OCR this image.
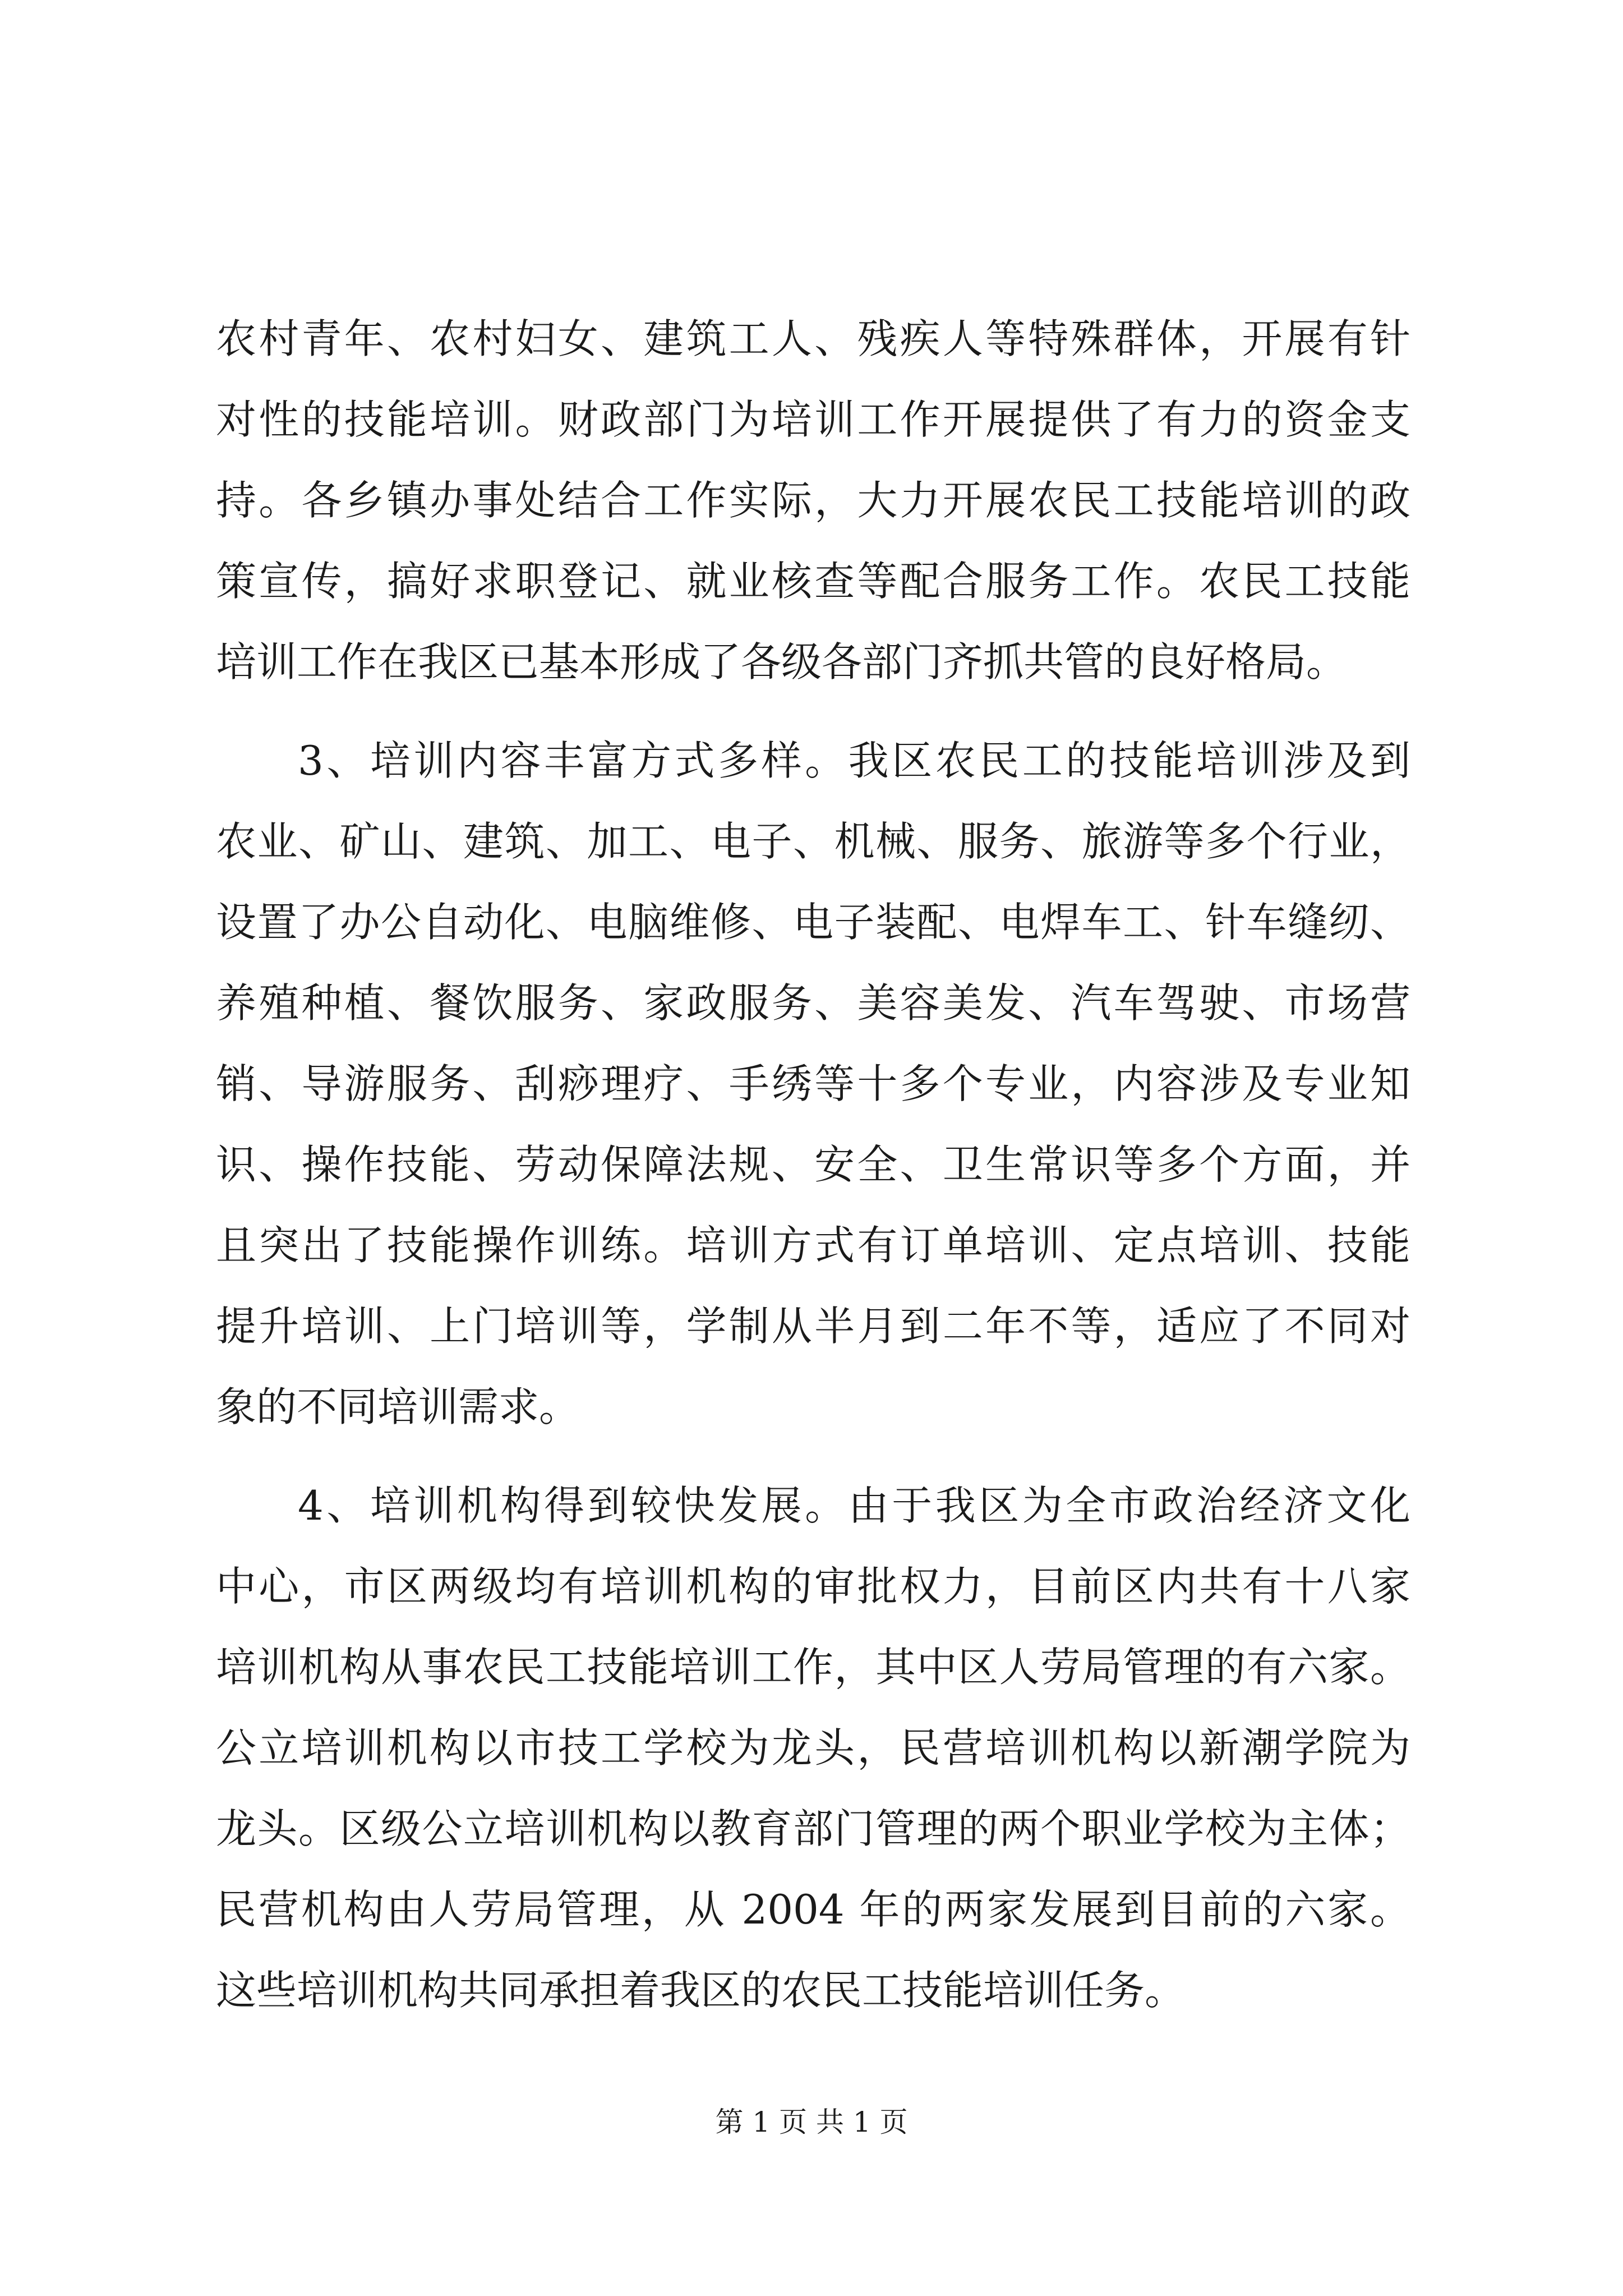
农村青年、农村妇女、建筑工人、残疾人等特殊群体，开展有针
对性的技能培训。财政部门为培训工作开展提供了有力的资金支
持。各乡镇办事处结合工作实际，大力开展农民工技能培训的政
策宣传，搞好求职登记、就业核查等配合服务工作。农民工技能
培训工作在我区已基本形成了各级各部门齐抓共管的良好格局。
3、培训内容丰富方式多样。我区农民工的技能培训涉及到
农业、矿山、建筑、加工、电子、机械、服务、旅游等多个行业，
设置了办公自动化、电脑维修、电子装配、电焊车工、针车缝纫、
养殖种植、餐饮服务、家政服务、美容美发、汽车驾驶、市场营
销、导游服务、刮痧理疗、手绣等十多个专业，内容涉及专业知
识、操作技能、劳动保障法规、安全、卫生常识等多个方面，并
且突出了技能操作训练。培训方式有订单培训、定点培训、技能
提升培训、上门培训等，学制从半月到二年不等，适应了不同对
象的不同培训需求。
4、培训机构得到较快发展。由于我区为全市政治经济文化
中心，市区两级均有培训机构的审批权力，目前区内共有十八家
培训机构从事农民工技能培训工作，其中区人劳局管理的有六家。
公立培训机构以市技工学校为龙头，民营培训机构以新潮学院为
龙头。区级公立培训机构以教育部门管理的两个职业学校为主体；
民营机构由人劳局管理，从 2004 年的两家发展到目前的六家。
这些培训机构共同承担着我区的农民工技能培训任务。
第 1 页 共 1 页
